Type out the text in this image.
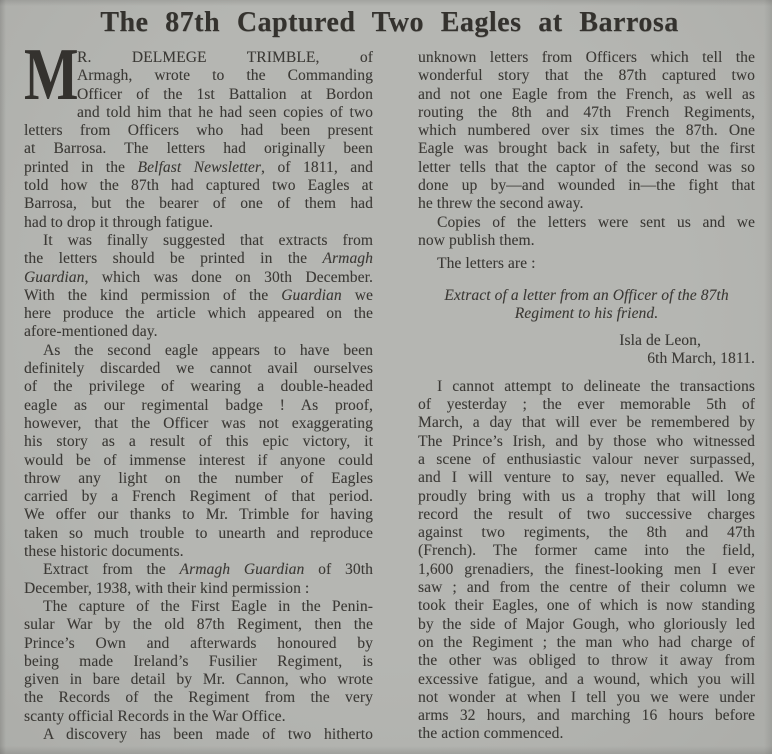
The 87th Captured Two Eagles at Barrosa
M
R. DELMEGE TRIMBLE, of
Armagh, wrote to the Commanding
Officer of the 1st Battalion at Bordon
and told him that he had seen copies of two
letters from Officers who had been present
at Barrosa. The letters had originally been
printed in the Belfast Newsletter, of 1811, and
told how the 87th had captured two Eagles at
Barrosa, but the bearer of one of them had
had to drop it through fatigue.
It was finally suggested that extracts from
the letters should be printed in the Armagh
Guardian, which was done on 30th December.
With the kind permission of the Guardian we
here produce the article which appeared on the
afore-mentioned day.
As the second eagle appears to have been
definitely discarded we cannot avail ourselves
of the privilege of wearing a double-headed
eagle as our regimental badge ! As proof,
however, that the Officer was not exaggerating
his story as a result of this epic victory, it
would be of immense interest if anyone could
throw any light on the number of Eagles
carried by a French Regiment of that period.
We offer our thanks to Mr. Trimble for having
taken so much trouble to unearth and reproduce
these historic documents.
Extract from the Armagh Guardian of 30th
December, 1938, with their kind permission :
The capture of the First Eagle in the Penin-
sular War by the old 87th Regiment, then the
Prince’s Own and afterwards honoured by
being made Ireland’s Fusilier Regiment, is
given in bare detail by Mr. Cannon, who wrote
the Records of the Regiment from the very
scanty official Records in the War Office.
A discovery has been made of two hitherto
unknown letters from Officers which tell the
wonderful story that the 87th captured two
and not one Eagle from the French, as well as
routing the 8th and 47th French Regiments,
which numbered over six times the 87th. One
Eagle was brought back in safety, but the first
letter tells that the captor of the second was so
done up by—and wounded in—the fight that
he threw the second away.
Copies of the letters were sent us and we
now publish them.
The letters are :
Extract of a letter from an Officer of the 87th
Regiment to his friend.
Isla de Leon,
6th March, 1811.
I cannot attempt to delineate the transactions
of yesterday ; the ever memorable 5th of
March, a day that will ever be remembered by
The Prince’s Irish, and by those who witnessed
a scene of enthusiastic valour never surpassed,
and I will venture to say, never equalled. We
proudly bring with us a trophy that will long
record the result of two successive charges
against two regiments, the 8th and 47th
(French). The former came into the field,
1,600 grenadiers, the finest-looking men I ever
saw ; and from the centre of their column we
took their Eagles, one of which is now standing
by the side of Major Gough, who gloriously led
on the Regiment ; the man who had charge of
the other was obliged to throw it away from
excessive fatigue, and a wound, which you will
not wonder at when I tell you we were under
arms 32 hours, and marching 16 hours before
the action commenced.
